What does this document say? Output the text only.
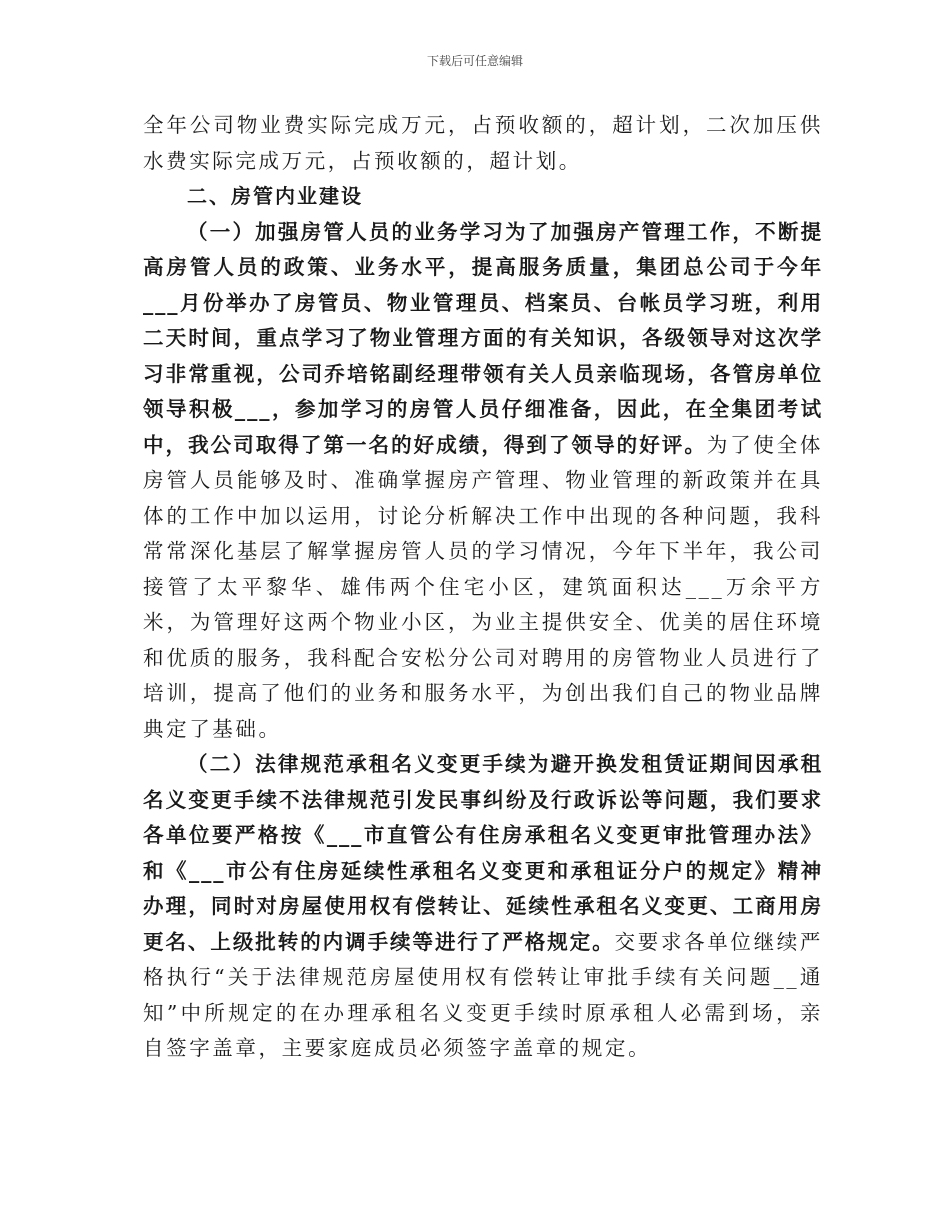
下载后可任意编辑

全年公司物业费实际完成万元，占预收额的，超计划，二次加压供水费实际完成万元，占预收额的，超计划。

二、房管内业建设

（一）加强房管人员的业务学习为了加强房产管理工作，不断提高房管人员的政策、业务水平，提高服务质量，集团总公司于今年___月份举办了房管员、物业管理员、档案员、台帐员学习班，利用二天时间，重点学习了物业管理方面的有关知识，各级领导对这次学习非常重视，公司乔培铭副经理带领有关人员亲临现场，各管房单位领导积极___，参加学习的房管人员仔细准备，因此，在全集团考试中，我公司取得了第一名的好成绩，得到了领导的好评。为了使全体房管人员能够及时、准确掌握房产管理、物业管理的新政策并在具体的工作中加以运用，讨论分析解决工作中出现的各种问题，我科常常深化基层了解掌握房管人员的学习情况，今年下半年，我公司接管了太平黎华、雄伟两个住宅小区，建筑面积达___万余平方米，为管理好这两个物业小区，为业主提供安全、优美的居住环境和优质的服务，我科配合安松分公司对聘用的房管物业人员进行了培训，提高了他们的业务和服务水平，为创出我们自己的物业品牌典定了基础。

（二）法律规范承租名义变更手续为避开换发租赁证期间因承租名义变更手续不法律规范引发民事纠纷及行政诉讼等问题，我们要求各单位要严格按《___市直管公有住房承租名义变更审批管理办法》和《___市公有住房延续性承租名义变更和承租证分户的规定》精神办理，同时对房屋使用权有偿转让、延续性承租名义变更、工商用房更名、上级批转的内调手续等进行了严格规定。交要求各单位继续严格执行“关于法律规范房屋使用权有偿转让审批手续有关问题__通知”中所规定的在办理承租名义变更手续时原承租人必需到场，亲自签字盖章，主要家庭成员必须签字盖章的规定。
